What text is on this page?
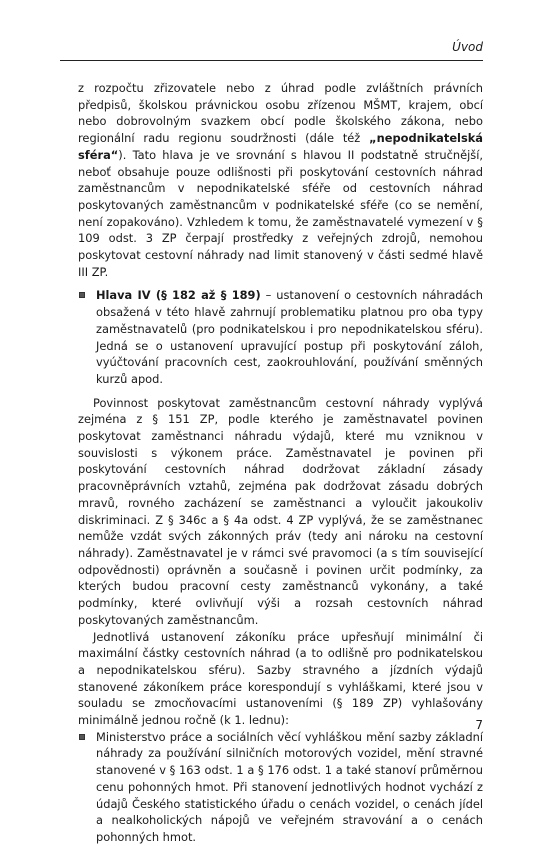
Úvod

z rozpočtu zřizovatele nebo z úhrad podle zvláštních právních předpisů, školskou právnickou osobu zřízenou MŠMT, krajem, obcí nebo dobrovolným svazkem obcí podle školského zákona, nebo regionální radu regionu soudržnosti (dále též „nepodnikatelská sféra“). Tato hlava je ve srovnání s hlavou II podstatně stručnější, neboť obsahuje pouze odlišnosti při poskytování cestovních náhrad zaměstnancům v nepodnikatelské sféře od cestovních náhrad poskytovaných zaměstnancům v podnikatelské sféře (co se nemění, není zopakováno). Vzhledem k tomu, že zaměstnavatelé vymezení v § 109 odst. 3 ZP čerpají prostředky z veřejných zdrojů, nemohou poskytovat cestovní náhrady nad limit stanovený v části sedmé hlavě III ZP.

Hlava IV (§ 182 až § 189) – ustanovení o cestovních náhradách obsažená v této hlavě zahrnují problematiku platnou pro oba typy zaměstnavatelů (pro podnikatelskou i pro nepodnikatelskou sféru). Jedná se o ustanovení upravující postup při poskytování záloh, vyúčtování pracovních cest, zaokrouhlování, používání směnných kurzů apod.

Povinnost poskytovat zaměstnancům cestovní náhrady vyplývá zejména z § 151 ZP, podle kterého je zaměstnavatel povinen poskytovat zaměstnanci náhradu výdajů, které mu vzniknou v souvislosti s výkonem práce. Zaměstnavatel je povinen při poskytování cestovních náhrad dodržovat základní zásady pracovněprávních vztahů, zejména pak dodržovat zásadu dobrých mravů, rovného zacházení se zaměstnanci a vyloučit jakoukoliv diskriminaci. Z § 346c a § 4a odst. 4 ZP vyplývá, že se zaměstnanec nemůže vzdát svých zákonných práv (tedy ani nároku na cestovní náhrady). Zaměstnavatel je v rámci své pravomoci (a s tím související odpovědnosti) oprávněn a současně i povinen určit podmínky, za kterých budou pracovní cesty zaměstnanců vykonány, a také podmínky, které ovlivňují výši a rozsah cestovních náhrad poskytovaných zaměstnancům.

Jednotlivá ustanovení zákoníku práce upřesňují minimální či maximální částky cestovních náhrad (a to odlišně pro podnikatelskou a nepodnikatelskou sféru). Sazby stravného a jízdních výdajů stanovené zákoníkem práce korespondují s vyhláškami, které jsou v souladu se zmocňovacími ustanoveními (§ 189 ZP) vyhlašovány minimálně jednou ročně (k 1. lednu):

Ministerstvo práce a sociálních věcí vyhláškou mění sazby základní náhrady za používání silničních motorových vozidel, mění stravné stanovené v § 163 odst. 1 a § 176 odst. 1 a také stanoví průměrnou cenu pohonných hmot. Při stanovení jednotlivých hodnot vychází z údajů Českého statistického úřadu o cenách vozidel, o cenách jídel a nealkoholických nápojů ve veřejném stravování a o cenách pohonných hmot.
7
